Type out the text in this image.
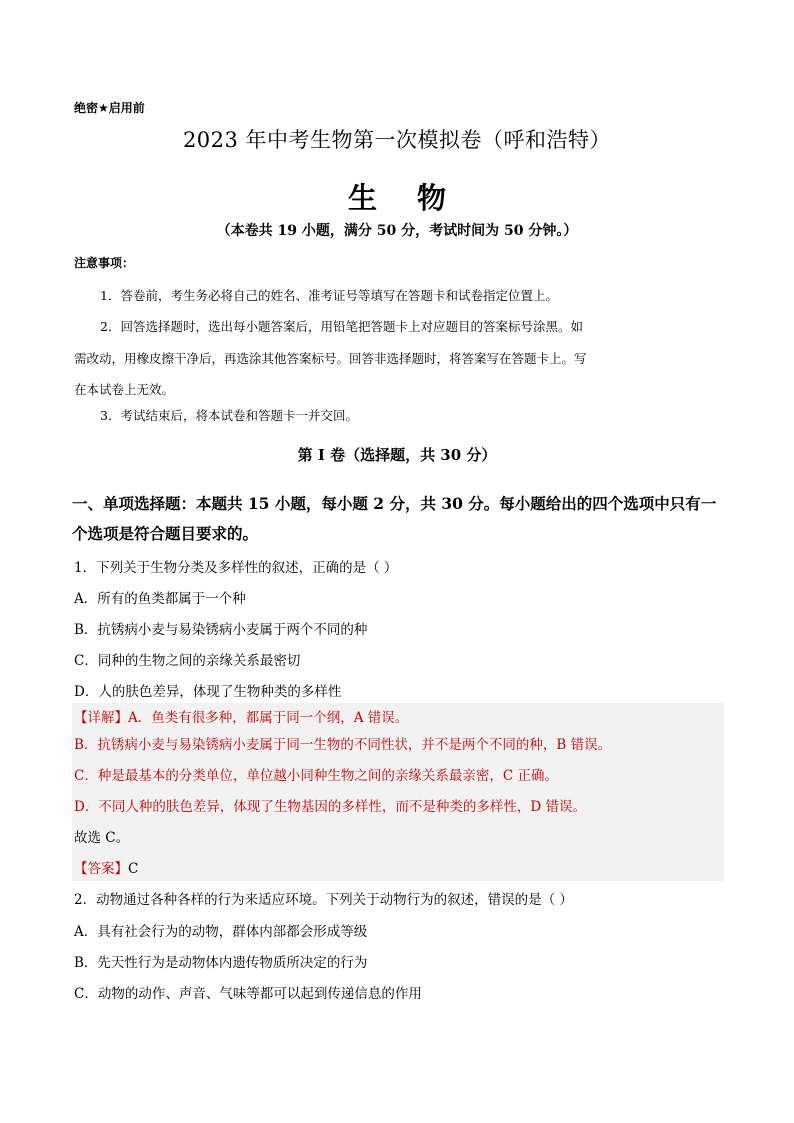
绝密★启用前
2023 年中考生物第一次模拟卷（呼和浩特）
生物
（本卷共 19 小题，满分 50 分，考试时间为 50 分钟。）
注意事项：
1．答卷前，考生务必将自己的姓名、准考证号等填写在答题卡和试卷指定位置上。
2．回答选择题时，选出每小题答案后，用铅笔把答题卡上对应题目的答案标号涂黑。如
需改动，用橡皮擦干净后，再选涂其他答案标号。回答非选择题时，将答案写在答题卡上。写
在本试卷上无效。
3．考试结束后，将本试卷和答题卡一并交回。
第 I 卷（选择题，共 30 分）
一、单项选择题：本题共 15 小题，每小题 2 分，共 30 分。每小题给出的四个选项中只有一
个选项是符合题目要求的。
1．下列关于生物分类及多样性的叙述，正确的是（ ）
A．所有的鱼类都属于一个种
B．抗锈病小麦与易染锈病小麦属于两个不同的种
C．同种的生物之间的亲缘关系最密切
D．人的肤色差异，体现了生物种类的多样性
【详解】A．鱼类有很多种，都属于同一个纲，A 错误。
B．抗锈病小麦与易染锈病小麦属于同一生物的不同性状，并不是两个不同的种，B 错误。
C．种是最基本的分类单位，单位越小同种生物之间的亲缘关系最亲密，C 正确。
D．不同人种的肤色差异，体现了生物基因的多样性，而不是种类的多样性，D 错误。
故选 C。
【答案】C
2．动物通过各种各样的行为来适应环境。下列关于动物行为的叙述，错误的是（ ）
A．具有社会行为的动物，群体内部都会形成等级
B．先天性行为是动物体内遗传物质所决定的行为
C．动物的动作、声音、气味等都可以起到传递信息的作用
